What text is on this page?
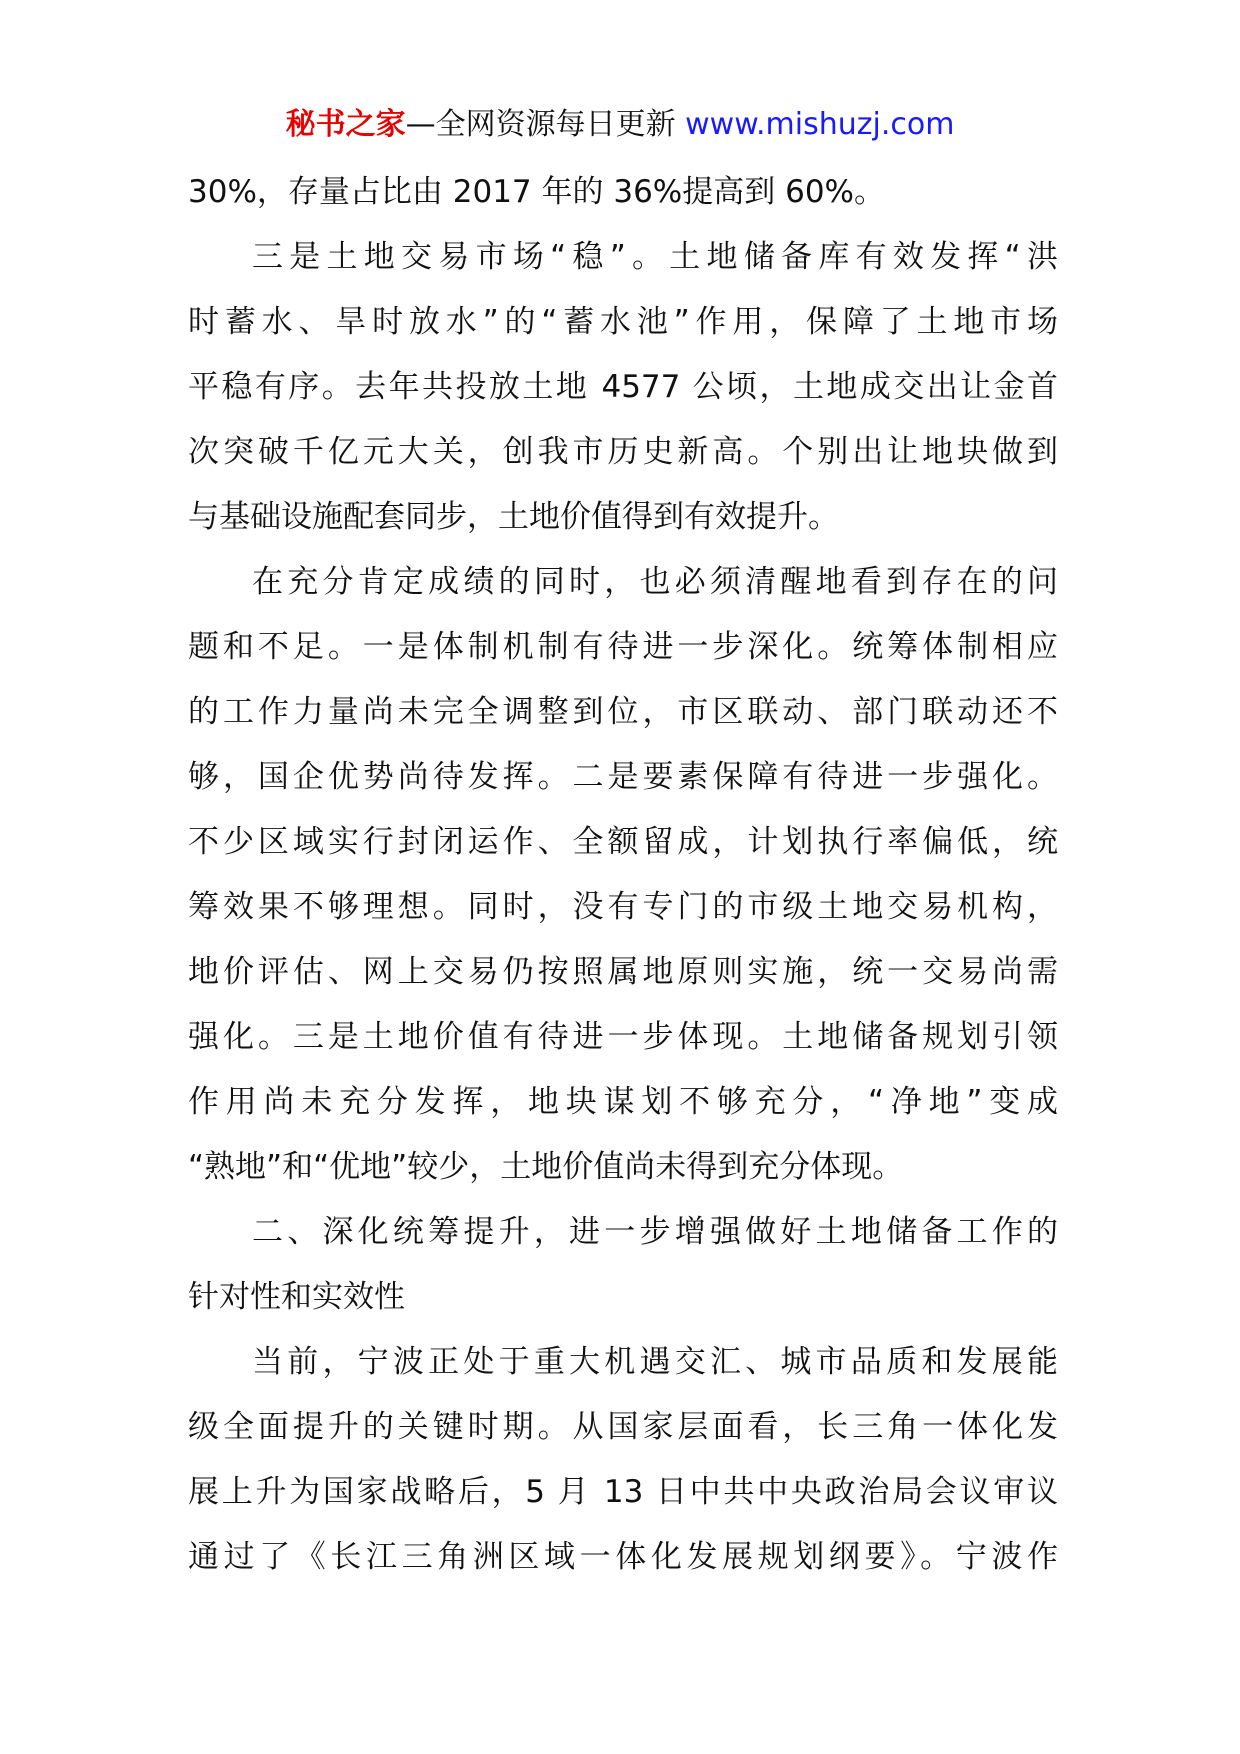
秘书之家—全网资源每日更新 www.mishuzj.com

30%，存量占比由 2017 年的 36%提高到 60%。

三是土地交易市场“稳”。土地储备库有效发挥“洪

时蓄水、旱时放水”的“蓄水池”作用，保障了土地市场

平稳有序。去年共投放土地 4577 公顷，土地成交出让金首

次突破千亿元大关，创我市历史新高。个别出让地块做到

与基础设施配套同步，土地价值得到有效提升。

在充分肯定成绩的同时，也必须清醒地看到存在的问

题和不足。一是体制机制有待进一步深化。统筹体制相应

的工作力量尚未完全调整到位，市区联动、部门联动还不

够，国企优势尚待发挥。二是要素保障有待进一步强化。

不少区域实行封闭运作、全额留成，计划执行率偏低，统

筹效果不够理想。同时，没有专门的市级土地交易机构，

地价评估、网上交易仍按照属地原则实施，统一交易尚需

强化。三是土地价值有待进一步体现。土地储备规划引领

作用尚未充分发挥，地块谋划不够充分，“净地”变成

“熟地”和“优地”较少，土地价值尚未得到充分体现。

二、深化统筹提升，进一步增强做好土地储备工作的

针对性和实效性

当前，宁波正处于重大机遇交汇、城市品质和发展能

级全面提升的关键时期。从国家层面看，长三角一体化发

展上升为国家战略后，5 月 13 日中共中央政治局会议审议

通过了《长江三角洲区域一体化发展规划纲要》。宁波作
